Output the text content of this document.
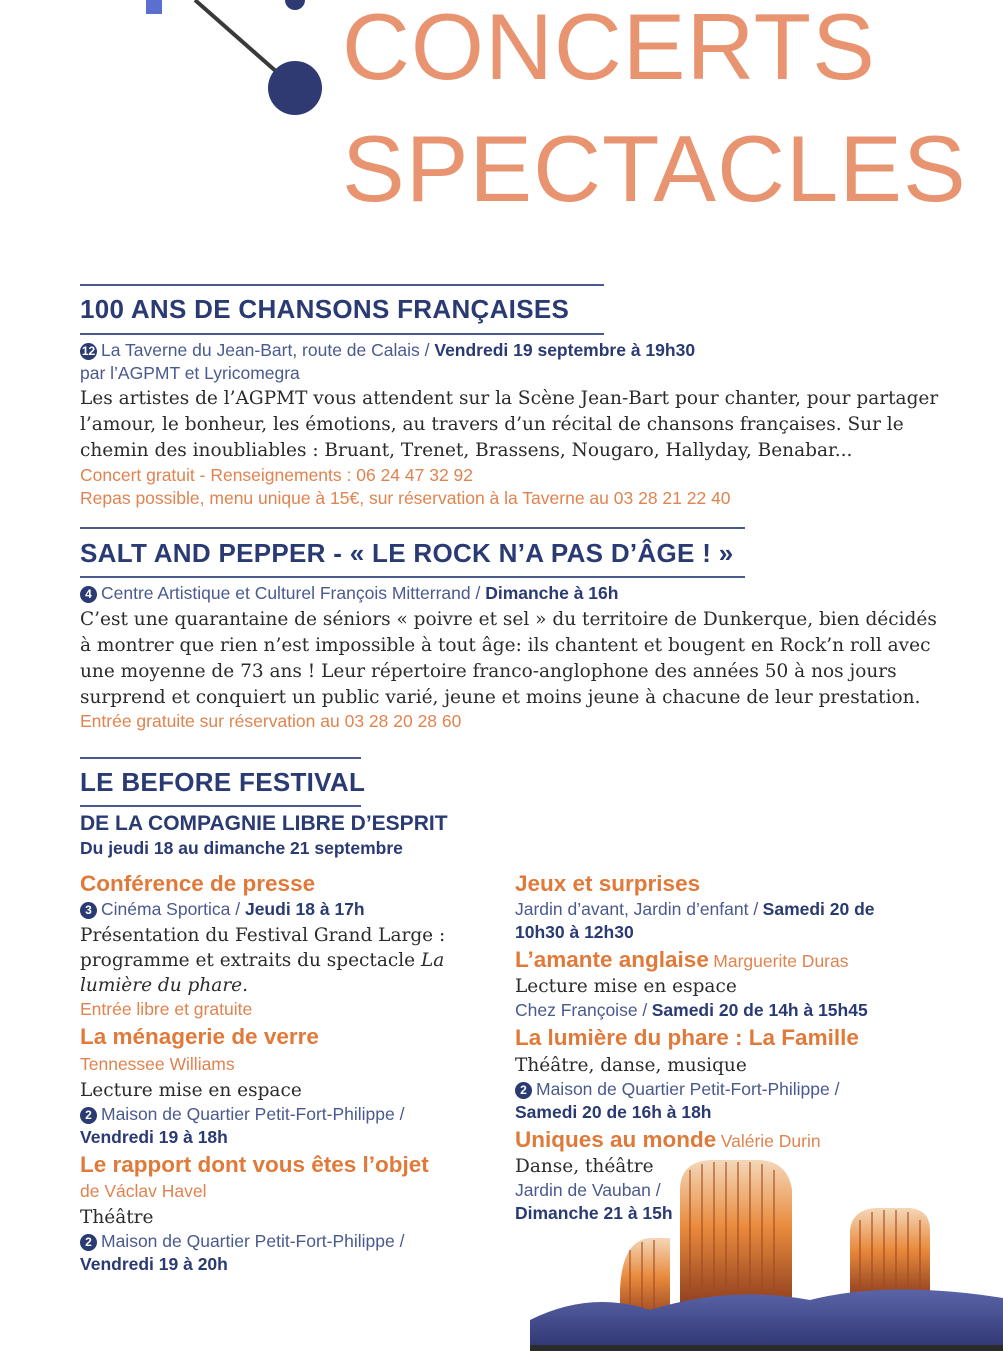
CONCERTS
SPECTACLES
100 ANS DE CHANSONS FRANÇAISES
12 La Taverne du Jean-Bart, route de Calais / Vendredi 19 septembre à 19h30
par l’AGPMT et Lyricomegra
Les artistes de l’AGPMT vous attendent sur la Scène Jean-Bart pour chanter, pour partager
l’amour, le bonheur, les émotions, au travers d’un récital de chansons françaises. Sur le
chemin des inoubliables : Bruant, Trenet, Brassens, Nougaro, Hallyday, Benabar...
Concert gratuit - Renseignements : 06 24 47 32 92
Repas possible, menu unique à 15€, sur réservation à la Taverne au 03 28 21 22 40
SALT AND PEPPER - « LE ROCK N’A PAS D’ÂGE ! »
4 Centre Artistique et Culturel François Mitterrand / Dimanche à 16h
C’est une quarantaine de séniors « poivre et sel » du territoire de Dunkerque, bien décidés
à montrer que rien n’est impossible à tout âge: ils chantent et bougent en Rock’n roll avec
une moyenne de 73 ans ! Leur répertoire franco-anglophone des années 50 à nos jours
surprend et conquiert un public varié, jeune et moins jeune à chacune de leur prestation.
Entrée gratuite sur réservation au 03 28 20 28 60
LE BEFORE FESTIVAL
DE LA COMPAGNIE LIBRE D’ESPRIT
Du jeudi 18 au dimanche 21 septembre
Conférence de presse
3 Cinéma Sportica / Jeudi 18 à 17h
Présentation du Festival Grand Large :
programme et extraits du spectacle La
lumière du phare.
Entrée libre et gratuite
La ménagerie de verre
Tennessee Williams
Lecture mise en espace
2 Maison de Quartier Petit-Fort-Philippe /
Vendredi 19 à 18h
Le rapport dont vous êtes l’objet
de Václav Havel
Théâtre
2 Maison de Quartier Petit-Fort-Philippe /
Vendredi 19 à 20h
Jeux et surprises
Jardin d’avant, Jardin d’enfant / Samedi 20 de
10h30 à 12h30
L’amante anglaise Marguerite Duras
Lecture mise en espace
Chez Françoise / Samedi 20 de 14h à 15h45
La lumière du phare : La Famille
Théâtre, danse, musique
2 Maison de Quartier Petit-Fort-Philippe /
Samedi 20 de 16h à 18h
Uniques au monde Valérie Durin
Danse, théâtre
Jardin de Vauban /
Dimanche 21 à 15h
